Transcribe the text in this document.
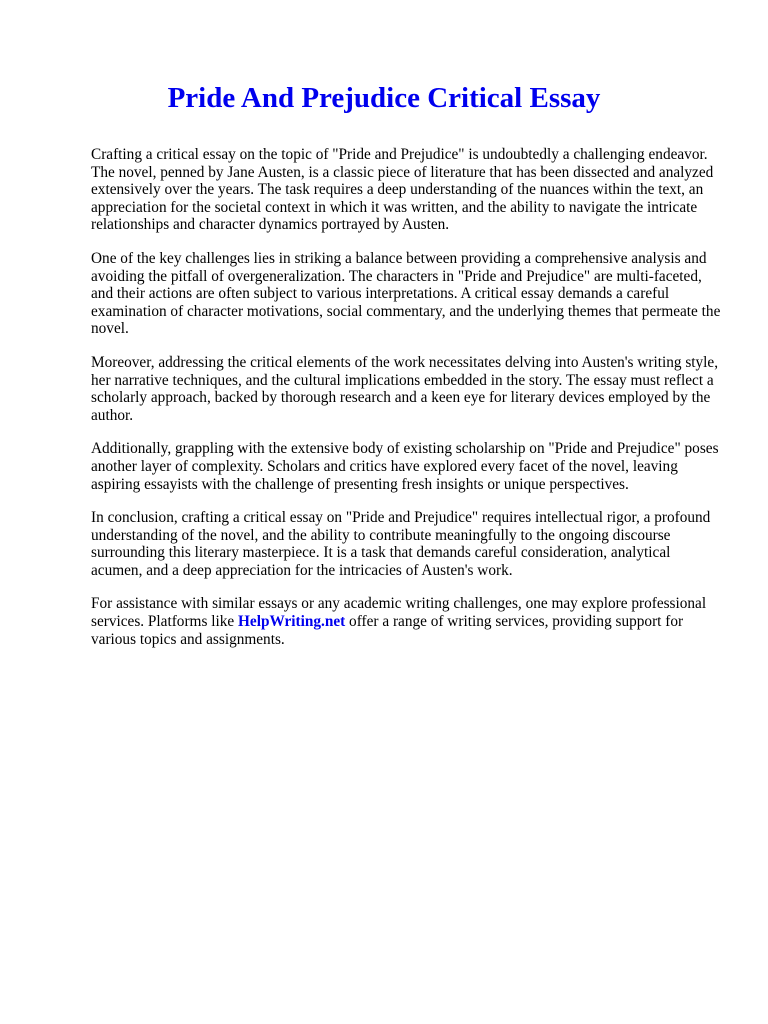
Pride And Prejudice Critical Essay

Crafting a critical essay on the topic of "Pride and Prejudice" is undoubtedly a challenging endeavor. The novel, penned by Jane Austen, is a classic piece of literature that has been dissected and analyzed extensively over the years. The task requires a deep understanding of the nuances within the text, an appreciation for the societal context in which it was written, and the ability to navigate the intricate relationships and character dynamics portrayed by Austen.

One of the key challenges lies in striking a balance between providing a comprehensive analysis and avoiding the pitfall of overgeneralization. The characters in "Pride and Prejudice" are multi-faceted, and their actions are often subject to various interpretations. A critical essay demands a careful examination of character motivations, social commentary, and the underlying themes that permeate the novel.

Moreover, addressing the critical elements of the work necessitates delving into Austen's writing style, her narrative techniques, and the cultural implications embedded in the story. The essay must reflect a scholarly approach, backed by thorough research and a keen eye for literary devices employed by the author.

Additionally, grappling with the extensive body of existing scholarship on "Pride and Prejudice" poses another layer of complexity. Scholars and critics have explored every facet of the novel, leaving aspiring essayists with the challenge of presenting fresh insights or unique perspectives.

In conclusion, crafting a critical essay on "Pride and Prejudice" requires intellectual rigor, a profound understanding of the novel, and the ability to contribute meaningfully to the ongoing discourse surrounding this literary masterpiece. It is a task that demands careful consideration, analytical acumen, and a deep appreciation for the intricacies of Austen's work.

For assistance with similar essays or any academic writing challenges, one may explore professional services. Platforms like HelpWriting.net offer a range of writing services, providing support for various topics and assignments.
